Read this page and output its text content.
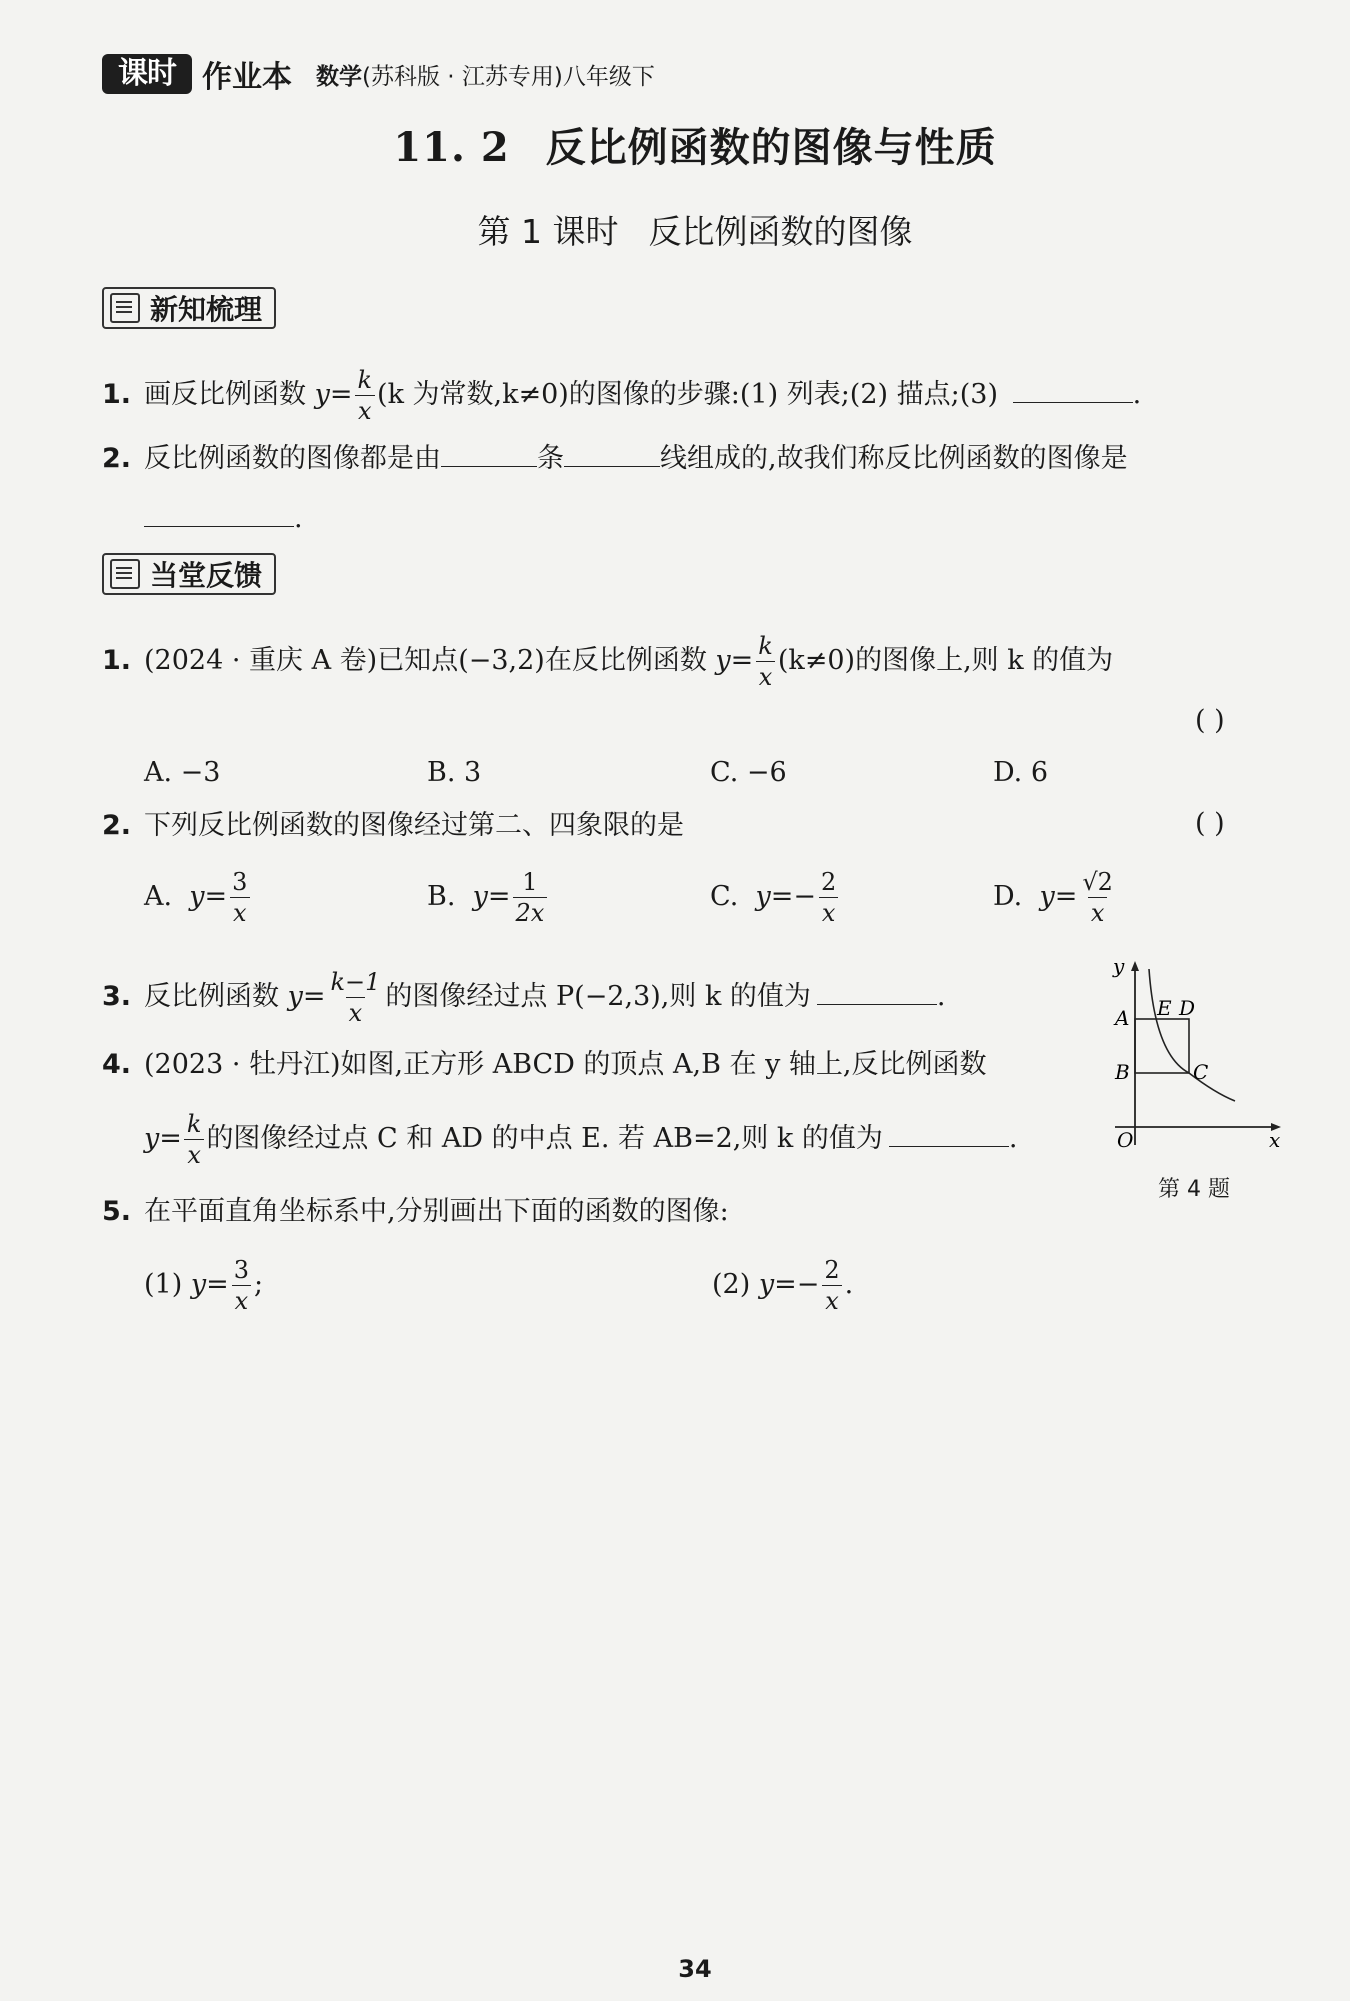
课时 作业本 数学(苏科版 · 江苏专用)八年级下
11. 2 反比例函数的图像与性质
第 1 课时 反比例函数的图像
新知梳理
1. 画反比例函数 $y= \frac{k}{x} (k$ 为常数,k≠0)的图像的步骤:(1) 列表;(2) 描点;(3)	.
2. 反比例函数的图像都是由	条	线组成的,故我们称反比例函数的图像是
.
当堂反馈
1. (2024 · 重庆 A 卷)已知点(−3,2)在反比例函数 $y= \frac{k}{x} (k\ne 0)$的图像上,则 k 的值为
( )
A. −3	B. 3	C. −6	D. 6
2. 下列反比例函数的图像经过第二、四象限的是	( )
A. $y= \frac{3}{x}$	B. $y= \frac{1}{2x}$	C. $y=- \frac{2}{x}$	D. $y= \frac{√2}{x}$
3. 反比例函数 $y= \frac{k-1}{x}$ 的图像经过点 P(−2,3),则 k 的值为	.
4. (2023 · 牡丹江)如图,正方形 ABCD 的顶点 A,B 在 y 轴上,反比例函数
$y= \frac{k}{x}$ 的图像经过点 C 和 AD 的中点 E. 若 AB=2,则 k 的值为	.
y
x
O
A
B	C
D
E
第 4 题
5. 在平面直角坐标系中,分别画出下面的函数的图像:
(1) $y= \frac{3}{x}$ ;	(2) $y=- \frac{2}{x}$ .
34
